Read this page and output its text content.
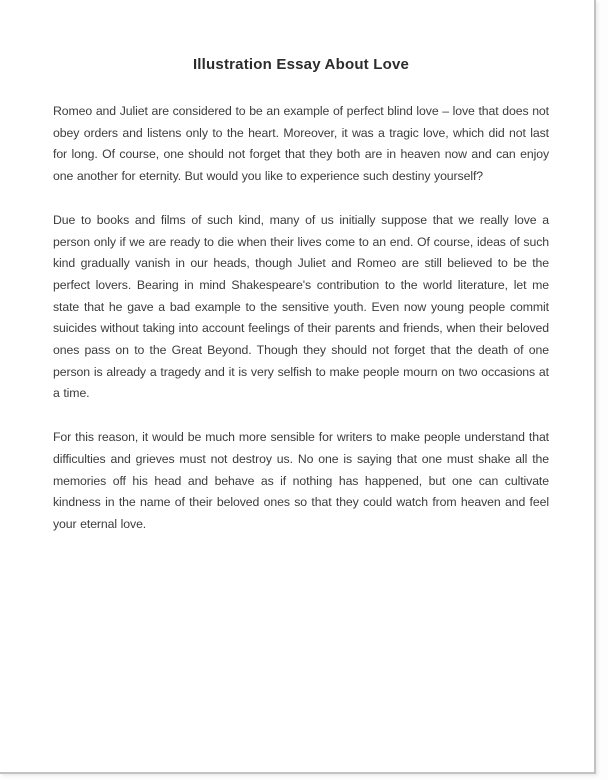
Illustration Essay About Love

Romeo and Juliet are considered to be an example of perfect blind love – love that does not obey orders and listens only to the heart. Moreover, it was a tragic love, which did not last for long. Of course, one should not forget that they both are in heaven now and can enjoy one another for eternity. But would you like to experience such destiny yourself?

Due to books and films of such kind, many of us initially suppose that we really love a person only if we are ready to die when their lives come to an end. Of course, ideas of such kind gradually vanish in our heads, though Juliet and Romeo are still believed to be the perfect lovers. Bearing in mind Shakespeare's contribution to the world literature, let me state that he gave a bad example to the sensitive youth. Even now young people commit suicides without taking into account feelings of their parents and friends, when their beloved ones pass on to the Great Beyond. Though they should not forget that the death of one person is already a tragedy and it is very selfish to make people mourn on two occasions at a time.

For this reason, it would be much more sensible for writers to make people understand that difficulties and grieves must not destroy us. No one is saying that one must shake all the memories off his head and behave as if nothing has happened, but one can cultivate kindness in the name of their beloved ones so that they could watch from heaven and feel your eternal love.
